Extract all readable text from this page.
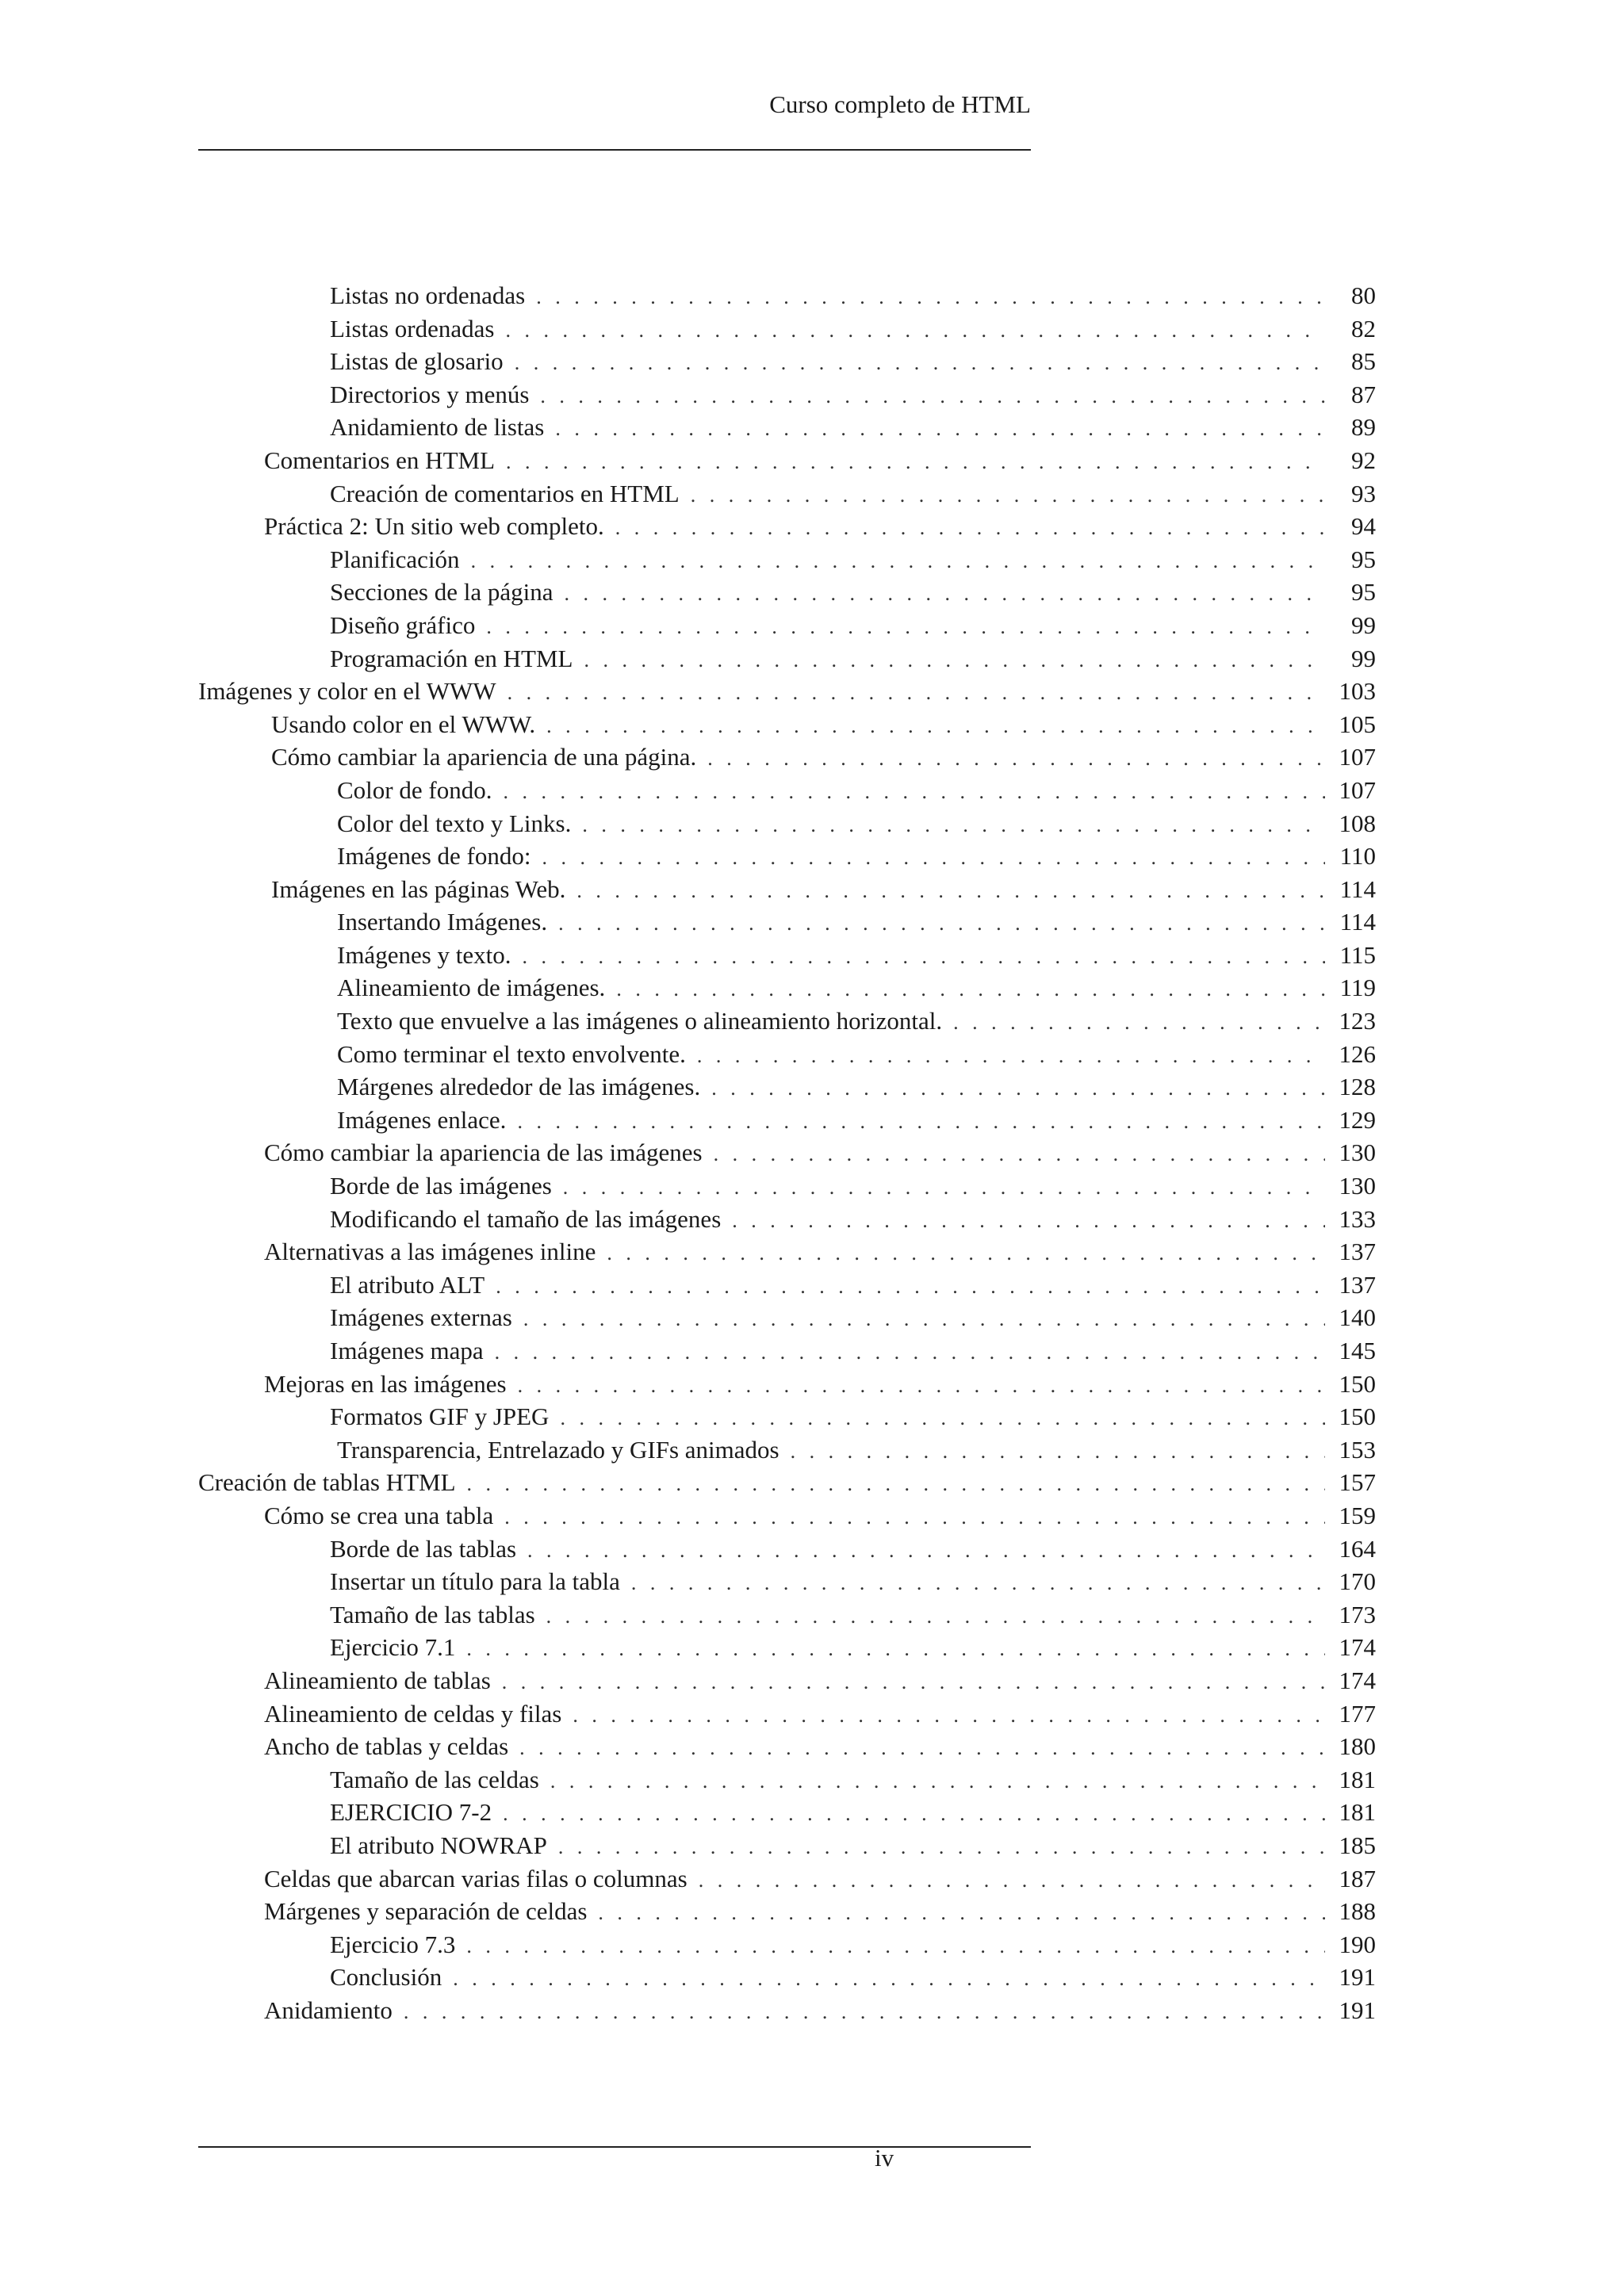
Curso completo de HTML
Listas no ordenadas . . .	80
Listas ordenadas . . .	82
Listas de glosario . . .	85
Directorios y menús . . .	87
Anidamiento de listas . . .	89
Comentarios en HTML . . .	92
Creación de comentarios en HTML . . .	93
Práctica 2: Un sitio web completo. . . .	94
Planificación . . .	95
Secciones de la página . . .	95
Diseño gráfico . . .	99
Programación en HTML . . .	99
Imágenes y color en el WWW . . .	103
Usando color en el WWW. . . .	105
Cómo cambiar la apariencia de una página. . . .	107
Color de fondo. . . .	107
Color del texto y Links. . . .	108
Imágenes de fondo: . . .	110
Imágenes en las páginas Web. . . .	114
Insertando Imágenes. . . .	114
Imágenes y texto. . . .	115
Alineamiento de imágenes. . . .	119
Texto que envuelve a las imágenes o alineamiento horizontal. . . .	123
Como terminar el texto envolvente. . . .	126
Márgenes alrededor de las imágenes. . . .	128
Imágenes enlace. . . .	129
Cómo cambiar la apariencia de las imágenes . . .	130
Borde de las imágenes . . .	130
Modificando el tamaño de las imágenes . . .	133
Alternativas a las imágenes inline . . .	137
El atributo ALT . . .	137
Imágenes externas . . .	140
Imágenes mapa . . .	145
Mejoras en las imágenes . . .	150
Formatos GIF y JPEG . . .	150
Transparencia, Entrelazado y GIFs animados . . .	153
Creación de tablas HTML . . .	157
Cómo se crea una tabla . . .	159
Borde de las tablas . . .	164
Insertar un título para la tabla . . .	170
Tamaño de las tablas . . .	173
Ejercicio 7.1 . . .	174
Alineamiento de tablas . . .	174
Alineamiento de celdas y filas . . .	177
Ancho de tablas y celdas . . .	180
Tamaño de las celdas . . .	181
EJERCICIO 7-2 . . .	181
El atributo NOWRAP . . .	185
Celdas que abarcan varias filas o columnas . . .	187
Márgenes y separación de celdas . . .	188
Ejercicio 7.3 . . .	190
Conclusión . . .	191
Anidamiento . . .	191
iv
